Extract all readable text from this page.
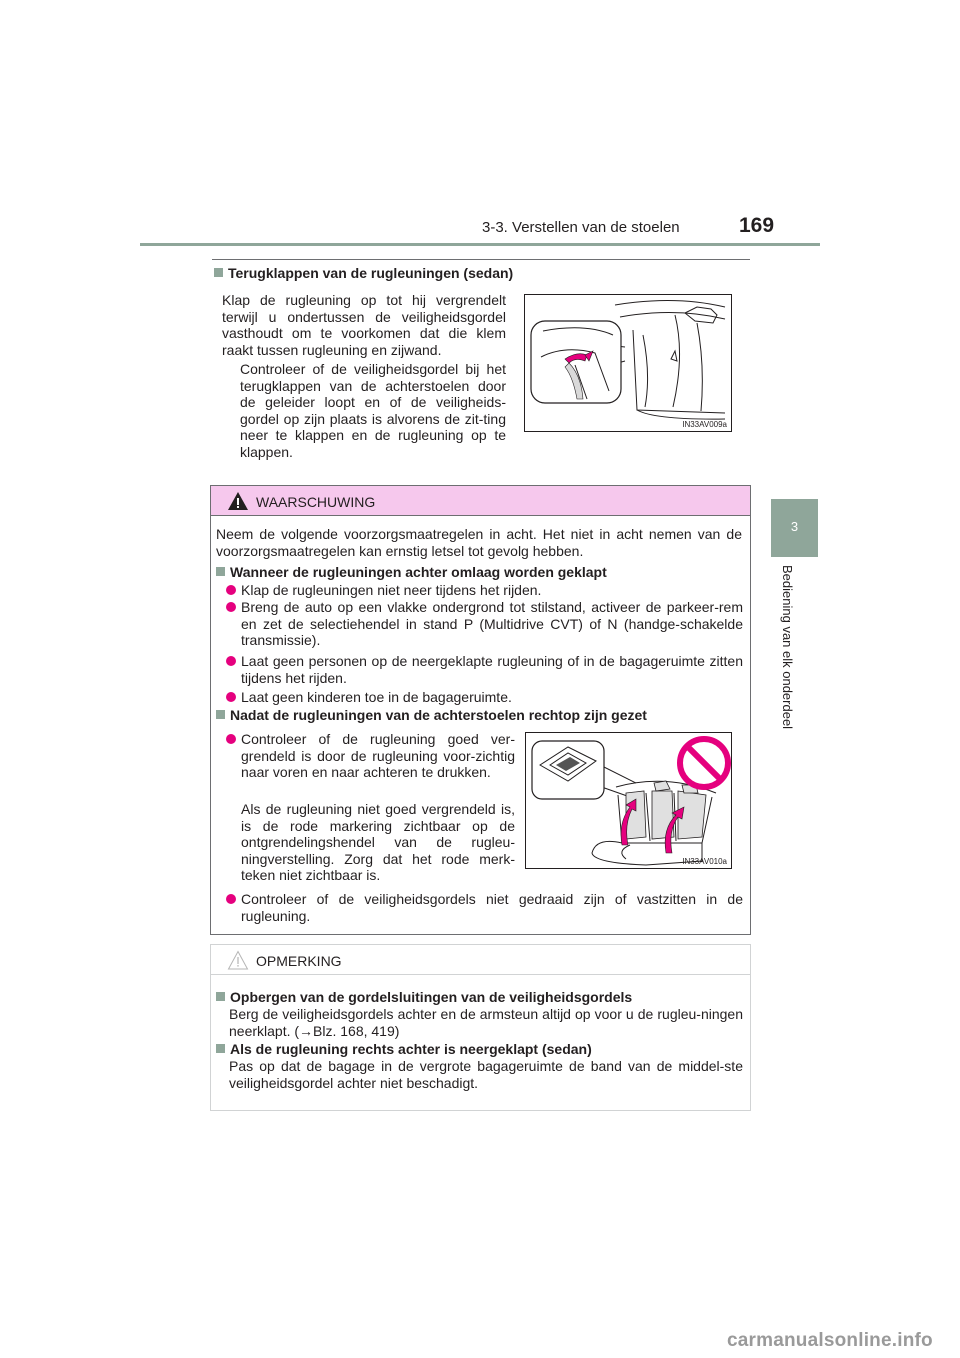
3-3. Verstellen van de stoelen	169
3
Bediening van elk onderdeel
Terugklappen van de rugleuningen (sedan)
Klap de rugleuning op tot hij vergrendelt terwijl u ondertussen de veiligheidsgordel vasthoudt om te voorkomen dat die klem raakt tussen rugleuning en zijwand.
Controleer of de veiligheidsgordel bij het terugklappen van de achterstoelen door de geleider loopt en of de veiligheids-gordel op zijn plaats is alvorens de zit-ting neer te klappen en de rugleuning op te klappen.
IN33AV009a
WAARSCHUWING
Neem de volgende voorzorgsmaatregelen in acht. Het niet in acht nemen van de voorzorgsmaatregelen kan ernstig letsel tot gevolg hebben.
Wanneer de rugleuningen achter omlaag worden geklapt
Klap de rugleuningen niet neer tijdens het rijden.
Breng de auto op een vlakke ondergrond tot stilstand, activeer de parkeer-rem en zet de selectiehendel in stand P (Multidrive CVT) of N (handge-schakelde transmissie).
Laat geen personen op de neergeklapte rugleuning of in de bagageruimte zitten tijdens het rijden.
Laat geen kinderen toe in de bagageruimte.
Nadat de rugleuningen van de achterstoelen rechtop zijn gezet
Controleer of de rugleuning goed ver-grendeld is door de rugleuning voor-zichtig naar voren en naar achteren te drukken.
Als de rugleuning niet goed vergrendeld is, is de rode markering zichtbaar op de ontgrendelingshendel van de rugleu-ningverstelling. Zorg dat het rode merk-teken niet zichtbaar is.
IN33AV010a
Controleer of de veiligheidsgordels niet gedraaid zijn of vastzitten in de rugleuning.
OPMERKING
Opbergen van de gordelsluitingen van de veiligheidsgordels
Berg de veiligheidsgordels achter en de armsteun altijd op voor u de rugleu-ningen neerklapt. (→Blz. 168, 419)
Als de rugleuning rechts achter is neergeklapt (sedan)
Pas op dat de bagage in de vergrote bagageruimte de band van de middel-ste veiligheidsgordel achter niet beschadigt.
carmanualsonline.info
